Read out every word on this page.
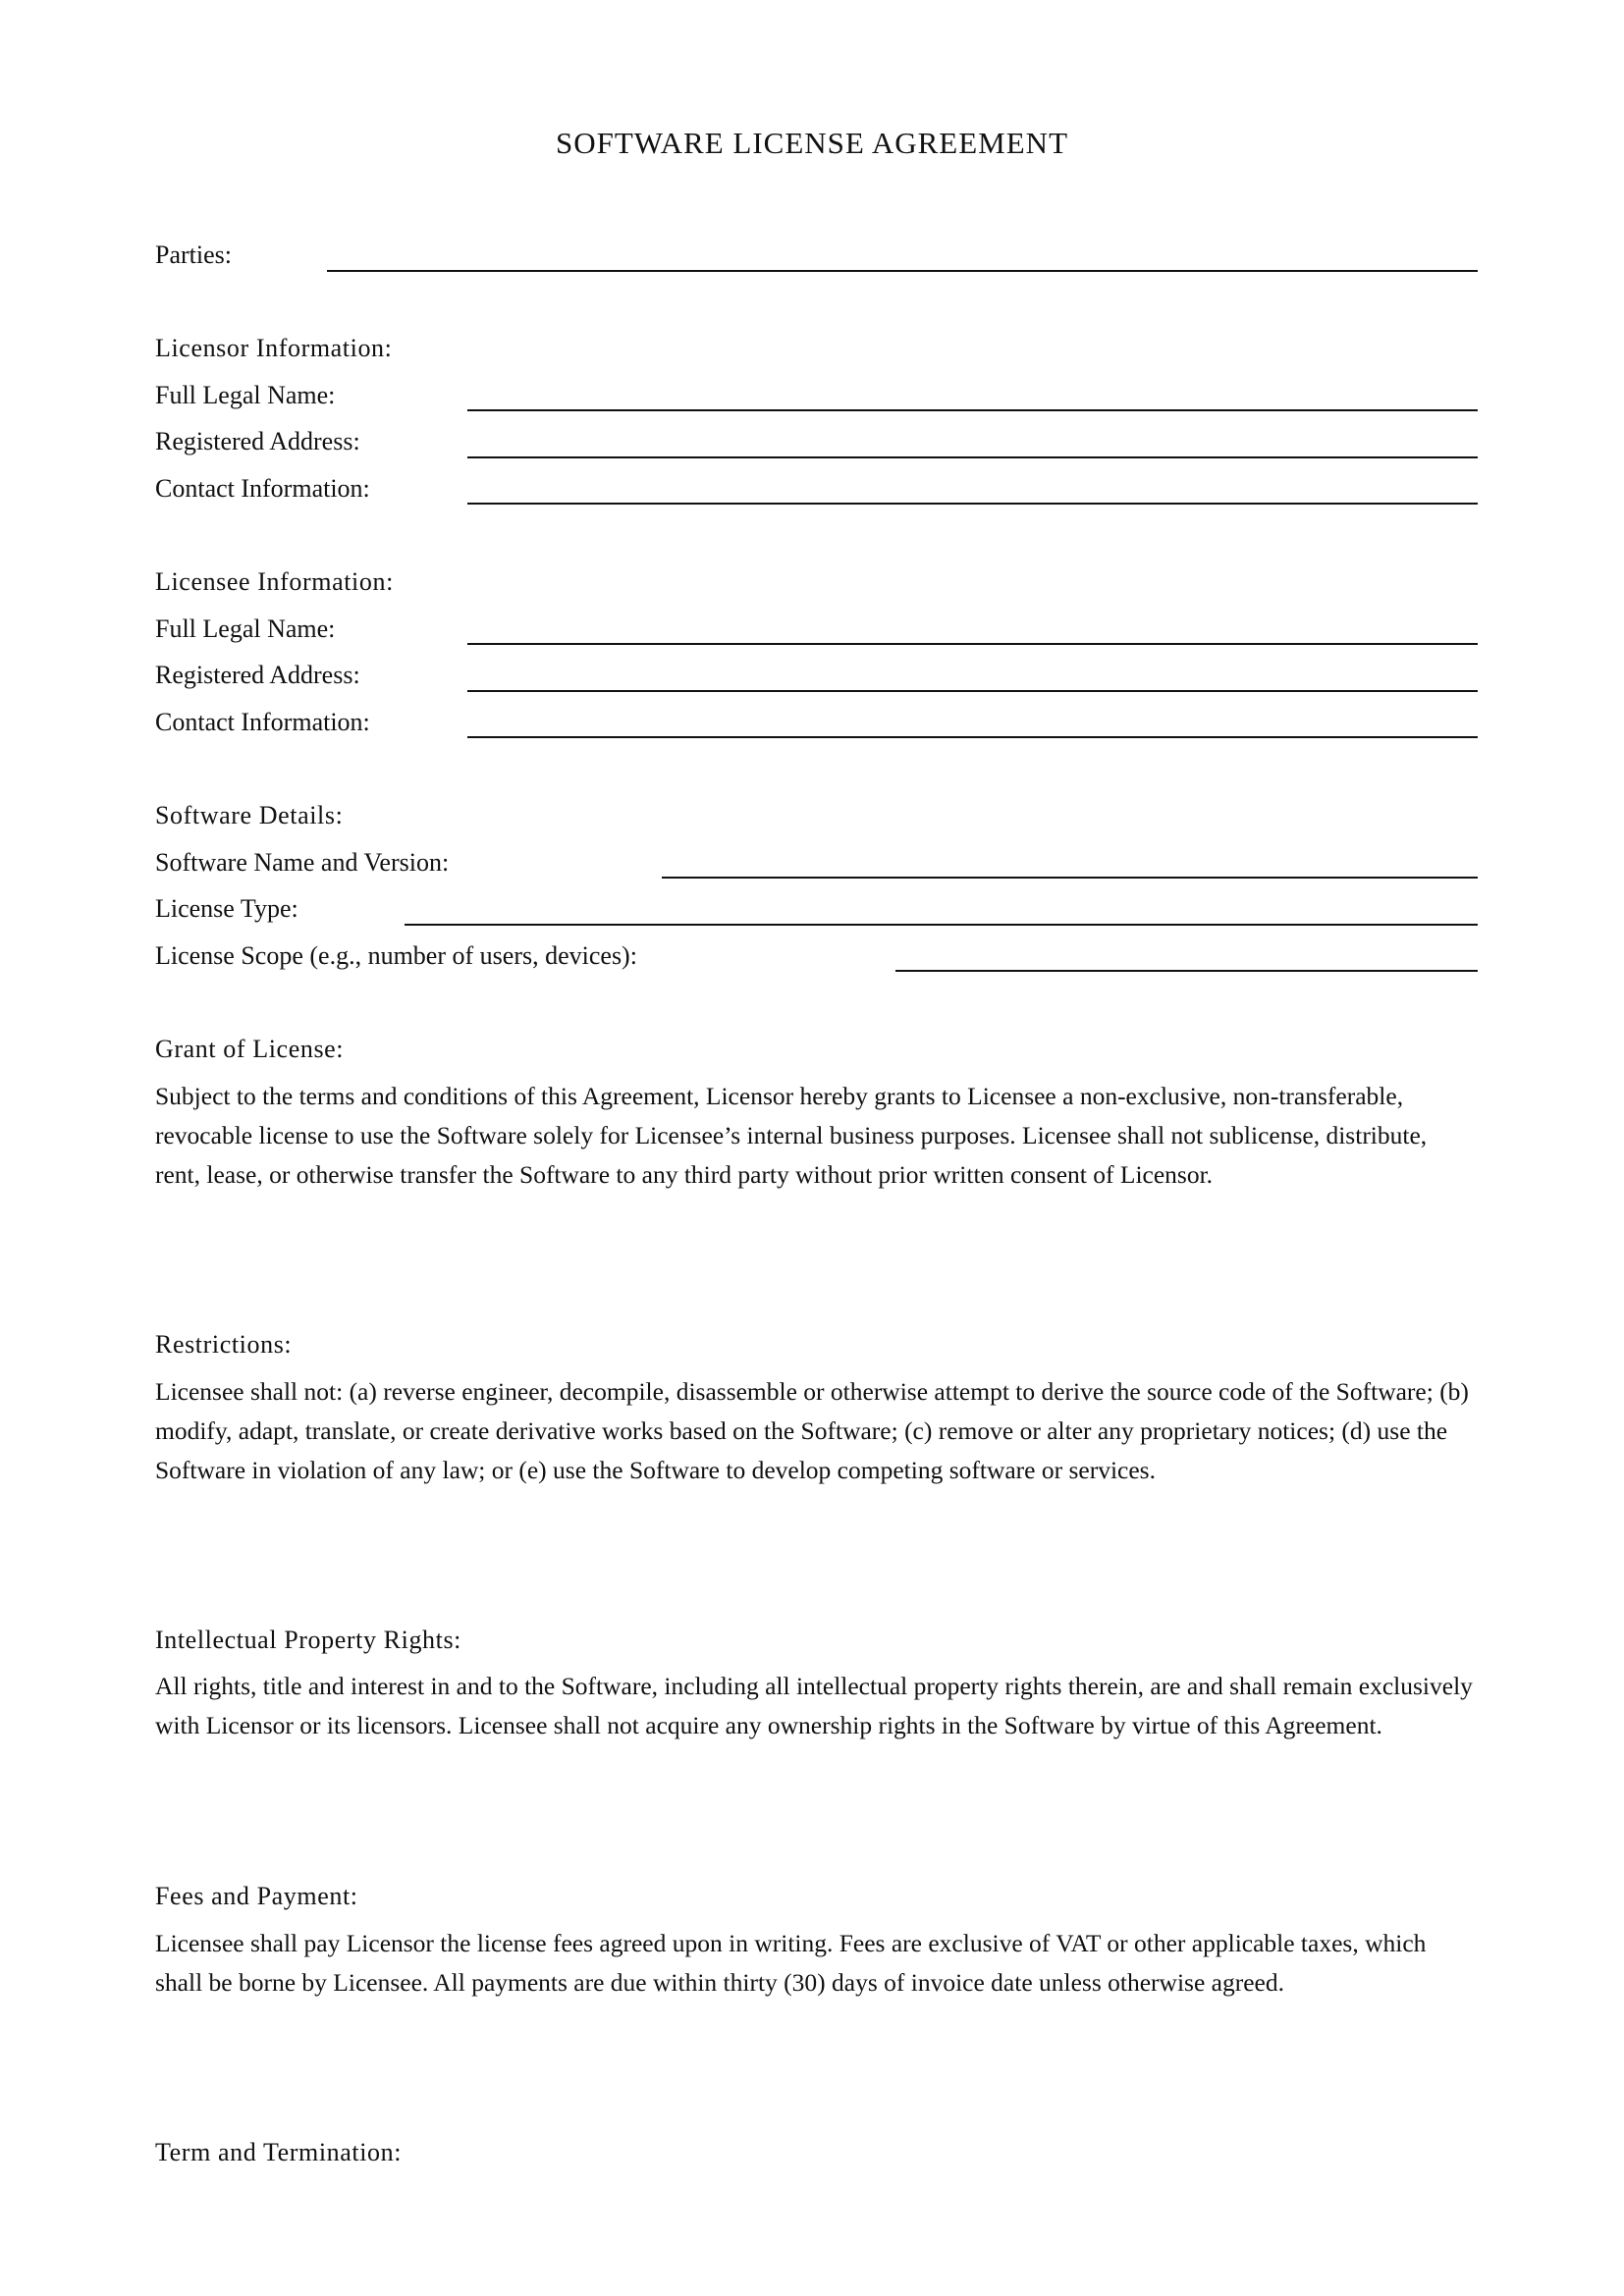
SOFTWARE LICENSE AGREEMENT
Parties:
Licensor Information:
Full Legal Name:
Registered Address:
Contact Information:
Licensee Information:
Full Legal Name:
Registered Address:
Contact Information:
Software Details:
Software Name and Version:
License Type:
License Scope (e.g., number of users, devices):
Grant of License:
Subject to the terms and conditions of this Agreement, Licensor hereby grants to Licensee a non-exclusive, non-transferable, revocable license to use the Software solely for Licensee’s internal business purposes. Licensee shall not sublicense, distribute, rent, lease, or otherwise transfer the Software to any third party without prior written consent of Licensor.
Restrictions:
Licensee shall not: (a) reverse engineer, decompile, disassemble or otherwise attempt to derive the source code of the Software; (b) modify, adapt, translate, or create derivative works based on the Software; (c) remove or alter any proprietary notices; (d) use the Software in violation of any law; or (e) use the Software to develop competing software or services.
Intellectual Property Rights:
All rights, title and interest in and to the Software, including all intellectual property rights therein, are and shall remain exclusively with Licensor or its licensors. Licensee shall not acquire any ownership rights in the Software by virtue of this Agreement.
Fees and Payment:
Licensee shall pay Licensor the license fees agreed upon in writing. Fees are exclusive of VAT or other applicable taxes, which shall be borne by Licensee. All payments are due within thirty (30) days of invoice date unless otherwise agreed.
Term and Termination:
